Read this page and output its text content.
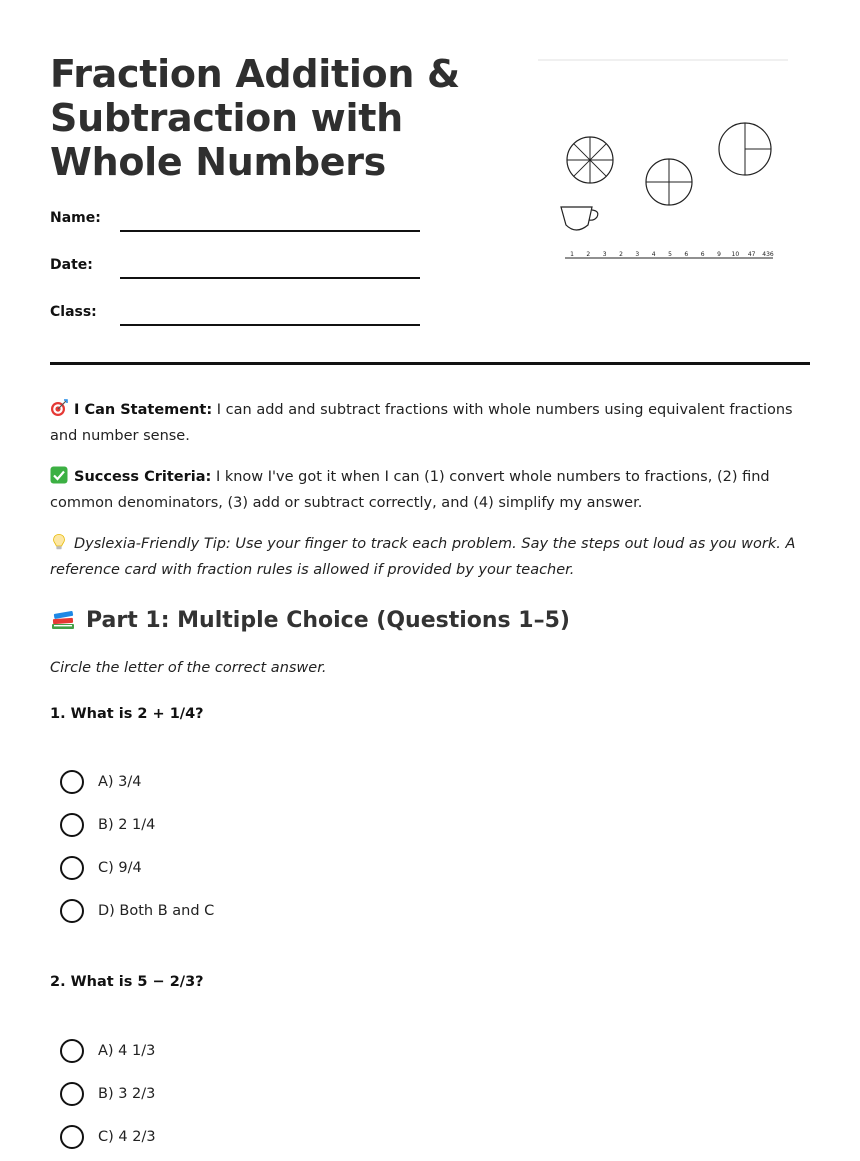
Fraction Addition & Subtraction with Whole Numbers
Name:
Date:
Class:
1 2 3 2 3 4 5 6 6 9 10 47 436
I Can Statement: I can add and subtract fractions with whole numbers using equivalent fractions and number sense.
Success Criteria: I know I've got it when I can (1) convert whole numbers to fractions, (2) find common denominators, (3) add or subtract correctly, and (4) simplify my answer.
Dyslexia-Friendly Tip: Use your finger to track each problem. Say the steps out loud as you work. A reference card with fraction rules is allowed if provided by your teacher.
Part 1: Multiple Choice (Questions 1–5)
Circle the letter of the correct answer.
1. What is 2 + 1/4?
A) 3/4
B) 2 1/4
C) 9/4
D) Both B and C
2. What is 5 − 2/3?
A) 4 1/3
B) 3 2/3
C) 4 2/3
